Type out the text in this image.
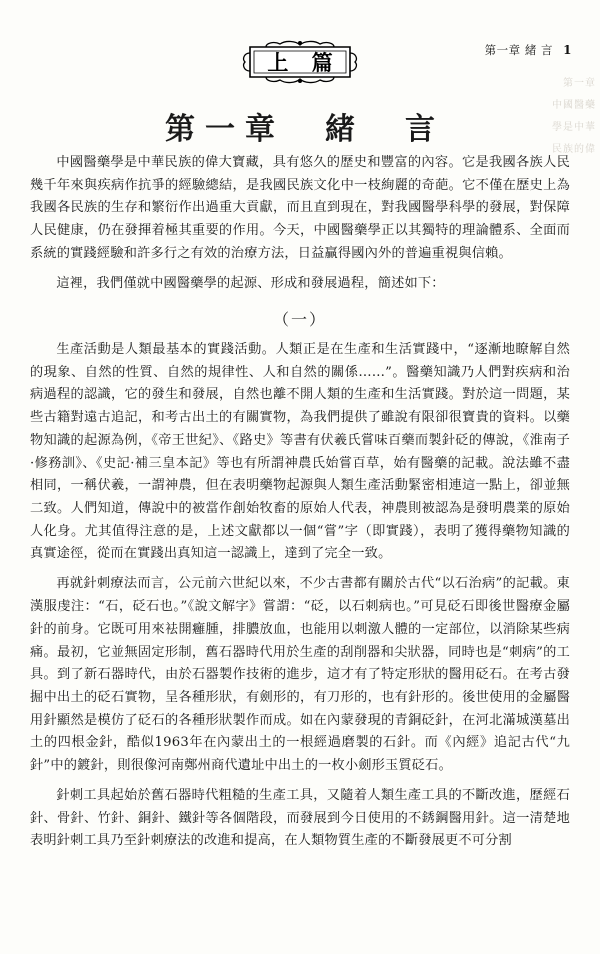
第一章 緒 言 1
第一章
中國醫藥
學是中華
民族的偉
上 篇
第一章　緒　言

中國醫藥學是中華民族的偉大寶藏，具有悠久的歷史和豐富的內容。它是我國各族人民幾千年來與疾病作抗爭的經驗總結，是我國民族文化中一枝絢麗的奇葩。它不僅在歷史上為我國各民族的生存和繁衍作出過重大貢獻，而且直到現在，對我國醫學科學的發展，對保障人民健康，仍在發揮着極其重要的作用。今天，中國醫藥學正以其獨特的理論體系、全面而系統的實踐經驗和許多行之有效的治療方法，日益贏得國內外的普遍重視與信賴。

這裡，我們僅就中國醫藥學的起源、形成和發展過程，簡述如下：

（一）

生產活動是人類最基本的實踐活動。人類正是在生產和生活實踐中，“逐漸地瞭解自然的現象、自然的性質、自然的規律性、人和自然的關係……”。醫藥知識乃人們對疾病和治病過程的認識，它的發生和發展，自然也離不開人類的生產和生活實踐。對於這一問題，某些古籍對遠古追記，和考古出土的有關實物，為我們提供了雖說有限卻很寶貴的資料。以藥物知識的起源為例，《帝王世紀》、《路史》等書有伏羲氏嘗味百藥而製針砭的傳說，《淮南子·修務訓》、《史記·補三皇本記》等也有所謂神農氏始嘗百草，始有醫藥的記載。說法雖不盡相同，一稱伏羲，一謂神農，但在表明藥物起源與人類生產活動緊密相連這一點上，卻並無二致。人們知道，傳說中的被當作創始牧畜的原始人代表，神農則被認為是發明農業的原始人化身。尤其值得注意的是，上述文獻都以一個“嘗”字（即實踐），表明了獲得藥物知識的真實途徑，從而在實踐出真知這一認識上，達到了完全一致。

再就針刺療法而言，公元前六世紀以來，不少古書都有關於古代“以石治病”的記載。東漢服虔注：“石，砭石也。”《說文解字》嘗謂：“砭，以石刺病也。”可見砭石即後世醫療金屬針的前身。它既可用來袪開癰腫，排膿放血，也能用以刺激人體的一定部位，以消除某些病痛。最初，它並無固定形制，舊石器時代用於生產的刮削器和尖狀器，同時也是“刺病”的工具。到了新石器時代，由於石器製作技術的進步，這才有了特定形狀的醫用砭石。在考古發掘中出土的砭石實物，呈各種形狀，有劍形的，有刀形的，也有針形的。後世使用的金屬醫用針顯然是模仿了砭石的各種形狀製作而成。如在內蒙發現的青銅砭針，在河北滿城漢墓出土的四根金針，酷似1963年在內蒙出土的一根經過磨製的石針。而《內經》追記古代“九針”中的鍍針，則很像河南鄭州商代遺址中出土的一枚小劍形玉質砭石。

針刺工具起始於舊石器時代粗糙的生產工具，又隨着人類生產工具的不斷改進，歷經石針、骨針、竹針、銅針、鐵針等各個階段，而發展到今日使用的不銹鋼醫用針。這一清楚地表明針刺工具乃至針刺療法的改進和提高，在人類物質生產的不斷發展更不可分割
